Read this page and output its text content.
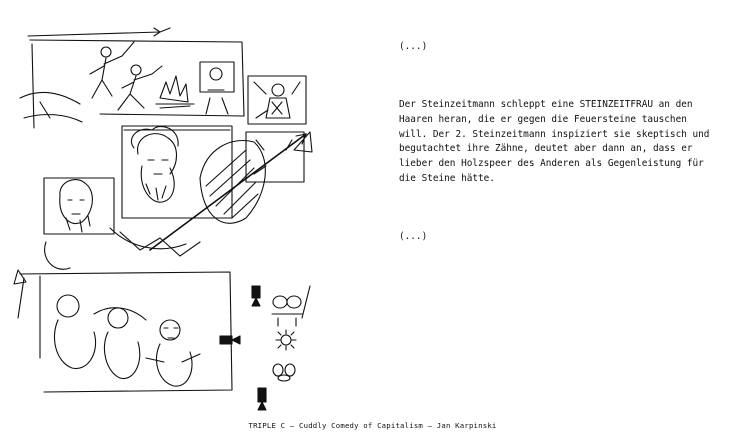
(...)

Der Steinzeitmann schleppt eine STEINZEITFRAU an den Haaren heran, die er gegen die Feuersteine tauschen will. Der 2. Steinzeitmann inspiziert sie skeptisch und begutachtet ihre Zähne, deutet aber dann an, dass er lieber den Holzspeer des Anderen als Gegenleistung für die Steine hätte.

(...)

TRIPLE C – Cuddly Comedy of Capitalism – Jan Karpinski
